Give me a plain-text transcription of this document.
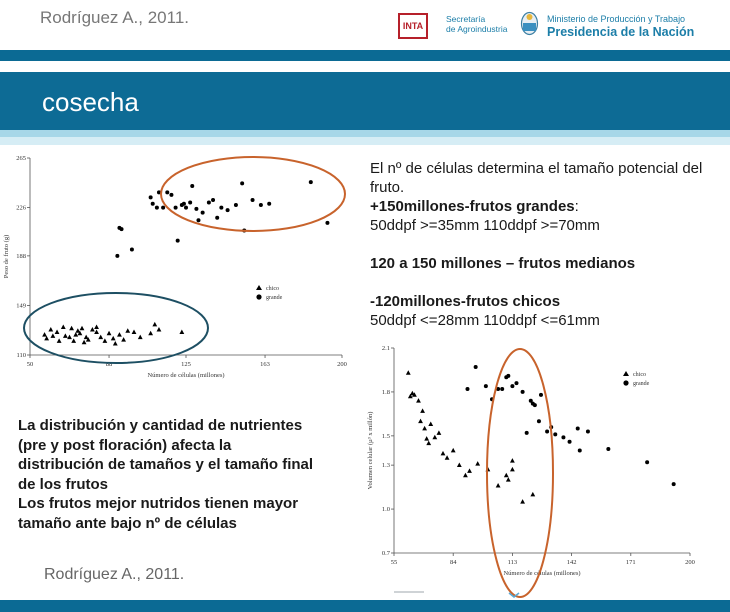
Rodríguez A., 2011.	INTA
Secretaría
de Agroindustria
Ministerio de Producción y Trabajo
Presidencia de la Nación
cosecha
50	88	125	163	200
110
149
188
226
265
Número de células (millones)
Peso de fruto (g)
chico
grande
55	84	113	142	171	200
0.7
1.0
1.3
1.5
1.8
2.1
Número de células (millones)
Volumen celular (µ³ x millón)
chico
grande
El nº de células determina el tamaño potencial del fruto.
+150millones-frutos grandes:
50ddpf >=35mm 110ddpf >=70mm
120 a 150 millones – frutos medianos
-120millones-frutos chicos
50ddpf <=28mm 110ddpf <=61mm
La distribución y cantidad de nutrientes
(pre y post floración) afecta la
distribución de tamaños y el tamaño final
de los frutos
Los frutos mejor nutridos tienen mayor
tamaño ante bajo nº de células
Rodríguez A., 2011.
